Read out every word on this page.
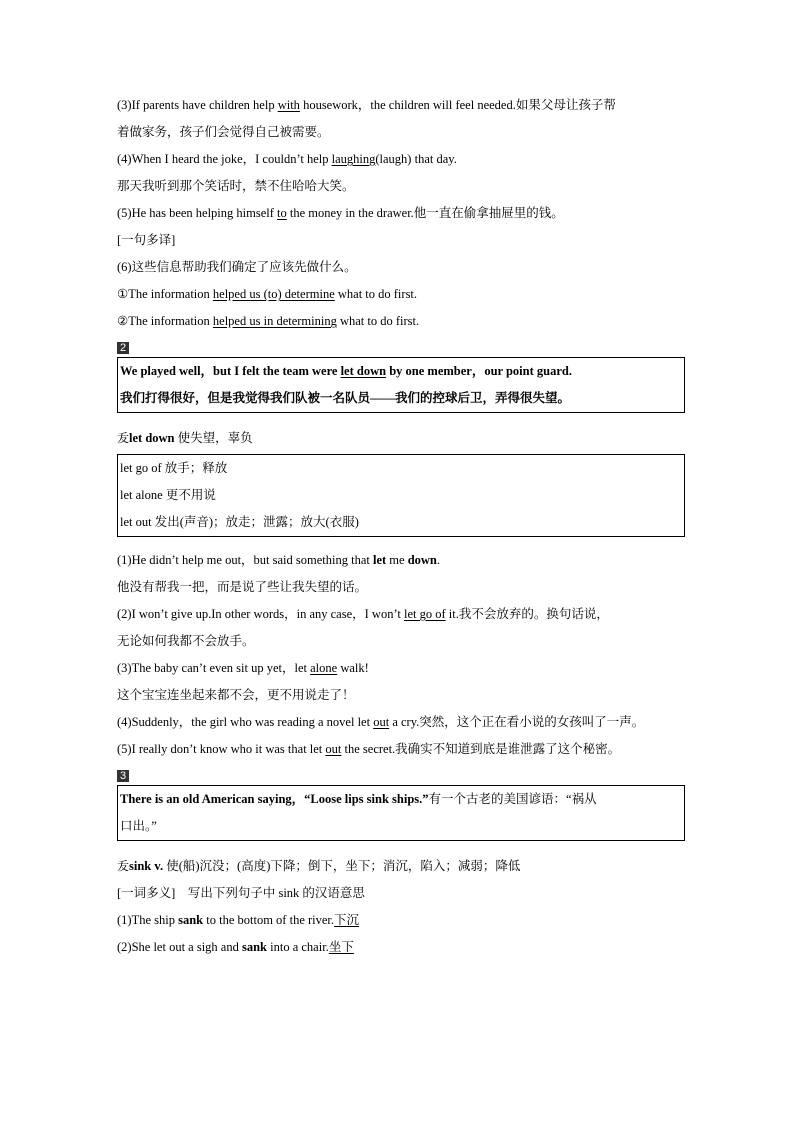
(3)If parents have children help with housework，the children will feel needed.如果父母让孩子帮
着做家务，孩子们会觉得自己被需要。
(4)When I heard the joke，I couldn’t help laughing(laugh) that day.
那天我听到那个笑话时，禁不住哈哈大笑。
(5)He has been helping himself to the money in the drawer.他一直在偷拿抽屉里的钱。
[一句多译]
(6)这些信息帮助我们确定了应该先做什么。
①The information helped us (to) determine what to do first.
②The information helped us in determining what to do first.
2
We played well，but I felt the team were let down by one member，our point guard.
我们打得很好，但是我觉得我们队被一名队员——我们的控球后卫，弄得很失望。
叐let down 使失望，辜负
let go of 放手；释放
let alone 更不用说
let out 发出(声音)；放走；泄露；放大(衣服)
(1)He didn’t help me out，but said something that let me down.
他没有帮我一把，而是说了些让我失望的话。
(2)I won’t give up.In other words，in any case，I won’t let go of it.我不会放弃的。换句话说，
无论如何我都不会放手。
(3)The baby can’t even sit up yet，let alone walk!
这个宝宝连坐起来都不会，更不用说走了！
(4)Suddenly，the girl who was reading a novel let out a cry.突然，这个正在看小说的女孩叫了一声。
(5)I really don’t know who it was that let out the secret.我确实不知道到底是谁泄露了这个秘密。
3
There is an old American saying，“Loose lips sink ships.”有一个古老的美国谚语：“祸从
口出。”
叐sink v. 使(船)沉没；(高度)下降；倒下，坐下；消沉，陷入；减弱；降低
[一词多义]　写出下列句子中 sink 的汉语意思
(1)The ship sank to the bottom of the river.下沉
(2)She let out a sigh and sank into a chair.坐下
